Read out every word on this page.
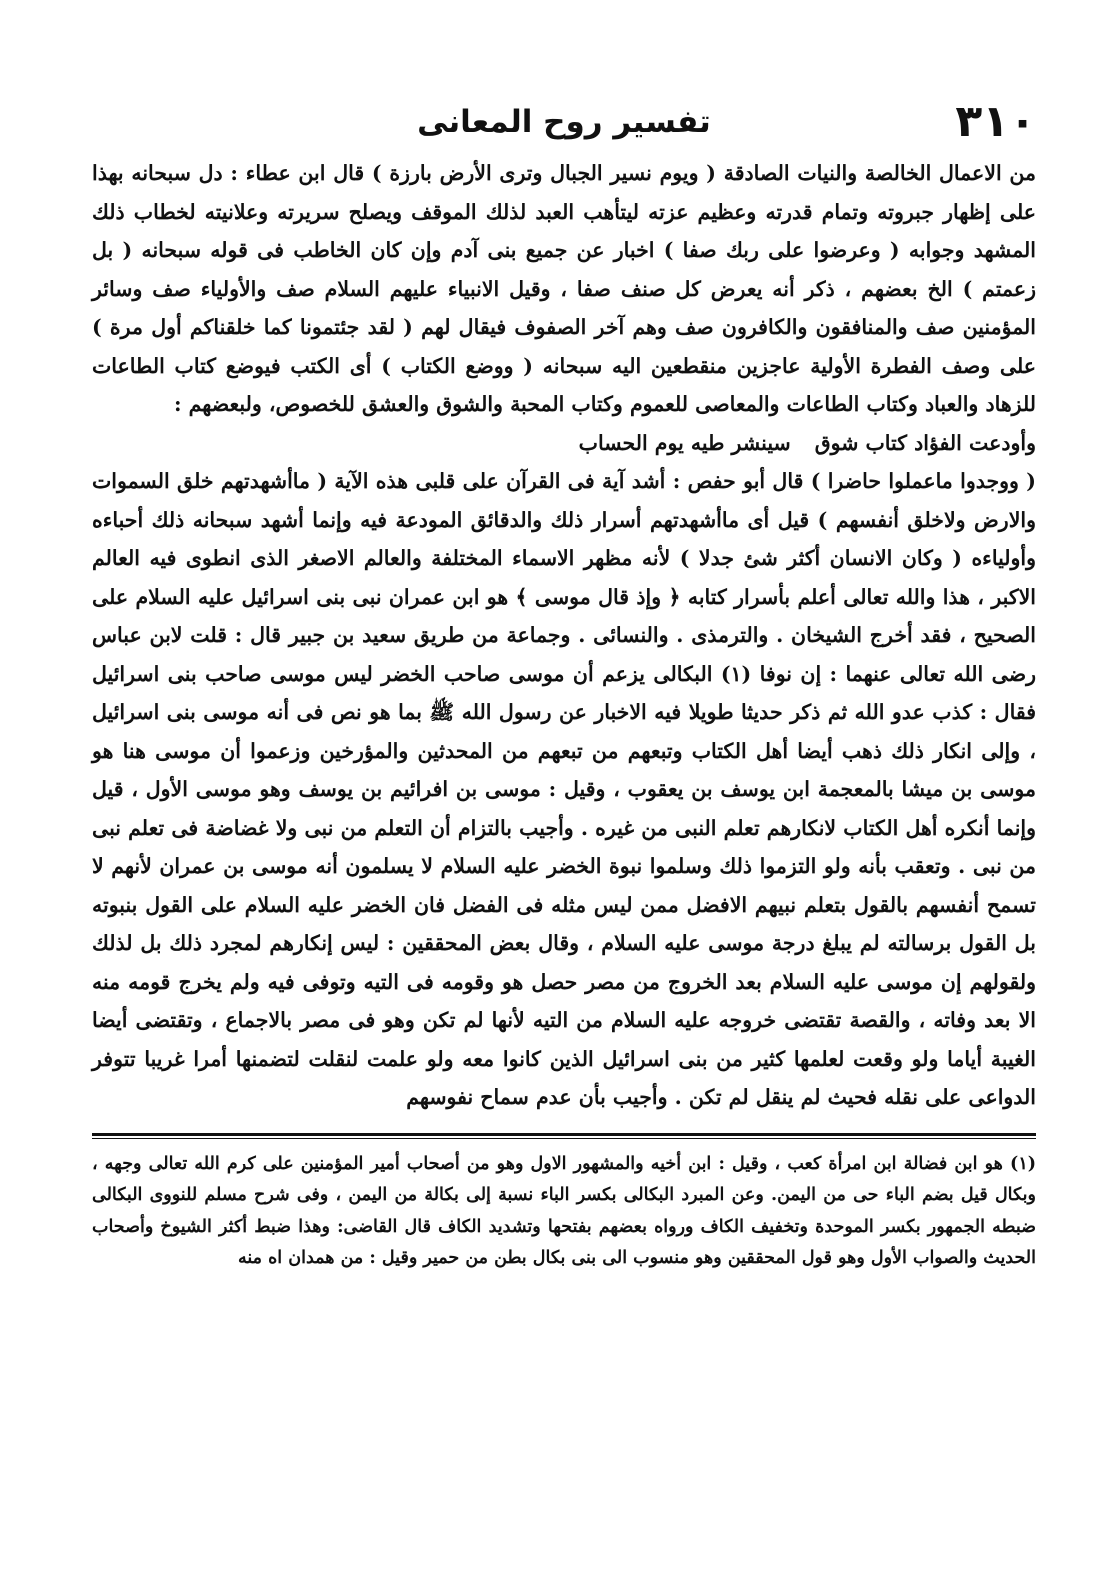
٣١٠
تفسير روح المعانى

من الاعمال الخالصة والنيات الصادقة ( ويوم نسير الجبال وترى الأرض بارزة ) قال ابن عطاء : دل سبحانه بهذا على إظهار جبروته وتمام قدرته وعظيم عزته ليتأهب العبد لذلك الموقف ويصلح سريرته وعلانيته لخطاب ذلك المشهد وجوابه ( وعرضوا على ربك صفا ) اخبار عن جميع بنى آدم وإن كان الخاطب فى قوله سبحانه ( بل زعمتم ) الخ بعضهم ، ذكر أنه يعرض كل صنف صفا ، وقيل الانبياء عليهم السلام صف والأولياء صف وسائر المؤمنين صف والمنافقون والكافرون صف وهم آخر الصفوف فيقال لهم ( لقد جئتمونا كما خلقناكم أول مرة ) على وصف الفطرة الأولية عاجزين منقطعين اليه سبحانه ( ووضع الكتاب ) أى الكتب فيوضع كتاب الطاعات للزهاد والعباد وكتاب الطاعات والمعاصى للعموم وكتاب المحبة والشوق والعشق للخصوص، ولبعضهم :

وأودعت الفؤاد كتاب شوق
سينشر طيه يوم الحساب

( ووجدوا ماعملوا حاضرا ) قال أبو حفص : أشد آية فى القرآن على قلبى هذه الآية ( ماأشهدتهم خلق السموات والارض ولاخلق أنفسهم ) قيل أى ماأشهدتهم أسرار ذلك والدقائق المودعة فيه وإنما أشهد سبحانه ذلك أحباءه وأولياءه ( وكان الانسان أكثر شئ جدلا ) لأنه مظهر الاسماء المختلفة والعالم الاصغر الذى انطوى فيه العالم الاكبر ، هذا والله تعالى أعلم بأسرار كتابه ﴿ وإذ قال موسى ﴾ هو ابن عمران نبى بنى اسرائيل عليه السلام على الصحيح ، فقد أخرج الشيخان . والترمذى . والنسائى . وجماعة من طريق سعيد بن جبير قال : قلت لابن عباس رضى الله تعالى عنهما : إن نوفا (١) البكالى يزعم أن موسى صاحب الخضر ليس موسى صاحب بنى اسرائيل فقال : كذب عدو الله ثم ذكر حديثا طويلا فيه الاخبار عن رسول الله ﷺ بما هو نص فى أنه موسى بنى اسرائيل ، وإلى انكار ذلك ذهب أيضا أهل الكتاب وتبعهم من تبعهم من المحدثين والمؤرخين وزعموا أن موسى هنا هو موسى بن ميشا بالمعجمة ابن يوسف بن يعقوب ، وقيل : موسى بن افرائيم بن يوسف وهو موسى الأول ، قيل وإنما أنكره أهل الكتاب لانكارهم تعلم النبى من غيره . وأجيب بالتزام أن التعلم من نبى ولا غضاضة فى تعلم نبى من نبى . وتعقب بأنه ولو التزموا ذلك وسلموا نبوة الخضر عليه السلام لا يسلمون أنه موسى بن عمران لأنهم لا تسمح أنفسهم بالقول بتعلم نبيهم الافضل ممن ليس مثله فى الفضل فان الخضر عليه السلام على القول بنبوته بل القول برسالته لم يبلغ درجة موسى عليه السلام ، وقال بعض المحققين : ليس إنكارهم لمجرد ذلك بل لذلك ولقولهم إن موسى عليه السلام بعد الخروج من مصر حصل هو وقومه فى التيه وتوفى فيه ولم يخرج قومه منه الا بعد وفاته ، والقصة تقتضى خروجه عليه السلام من التيه لأنها لم تكن وهو فى مصر بالاجماع ، وتقتضى أيضا الغيبة أياما ولو وقعت لعلمها كثير من بنى اسرائيل الذين كانوا معه ولو علمت لنقلت لتضمنها أمرا غريبا تتوفر الدواعى على نقله فحيث لم ينقل لم تكن . وأجيب بأن عدم سماح نفوسهم

(١) هو ابن فضالة ابن امرأة كعب ، وقيل : ابن أخيه والمشهور الاول وهو من أصحاب أمير المؤمنين على كرم الله تعالى وجهه ، وبكال قيل بضم الباء حى من اليمن. وعن المبرد البكالى بكسر الباء نسبة إلى بكالة من اليمن ، وفى شرح مسلم للنووى البكالى ضبطه الجمهور بكسر الموحدة وتخفيف الكاف ورواه بعضهم بفتحها وتشديد الكاف قال القاضى: وهذا ضبط أكثر الشيوخ وأصحاب الحديث والصواب الأول وهو قول المحققين وهو منسوب الى بنى بكال بطن من حمير وقيل : من همدان اه منه
